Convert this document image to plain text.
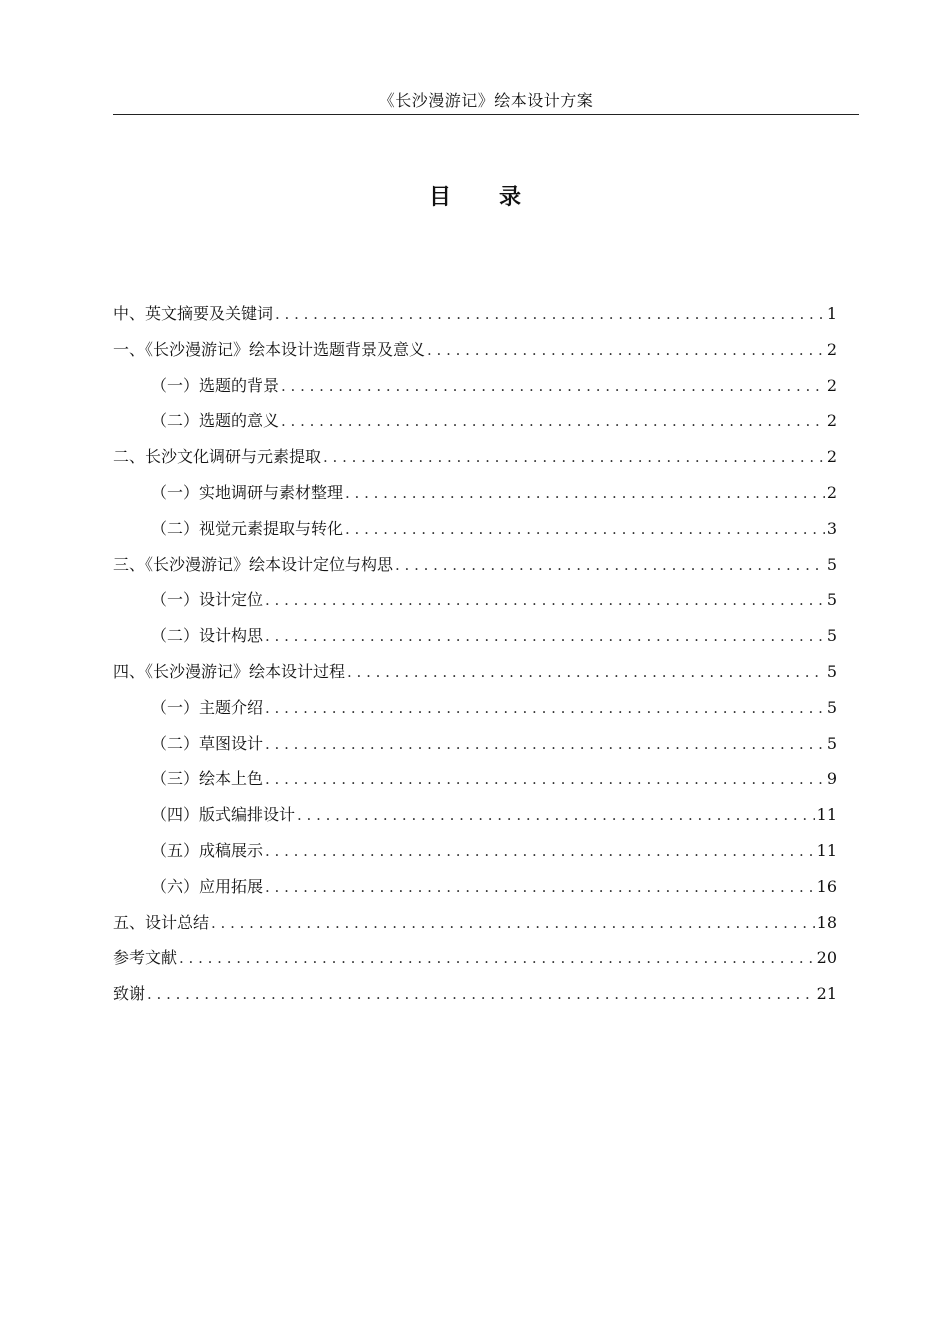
《长沙漫游记》绘本设计方案
目 录
中、英文摘要及关键词 . . .	1
一、《长沙漫游记》绘本设计选题背景及意义 . . .	2
（一）选题的背景 . . .	2
（二）选题的意义 . . .	2
二、长沙文化调研与元素提取 . . .	2
（一）实地调研与素材整理 . . .	2
（二）视觉元素提取与转化 . . .	3
三、《长沙漫游记》绘本设计定位与构思 . . .	5
（一）设计定位 . . .	5
（二）设计构思 . . .	5
四、《长沙漫游记》绘本设计过程 . . .	5
（一）主题介绍 . . .	5
（二）草图设计 . . .	5
（三）绘本上色 . . .	9
（四）版式编排设计 . . .	11
（五）成稿展示 . . .	11
（六）应用拓展 . . .	16
五、设计总结 . . .	18
参考文献 . . .	20
致谢 . . .	21
